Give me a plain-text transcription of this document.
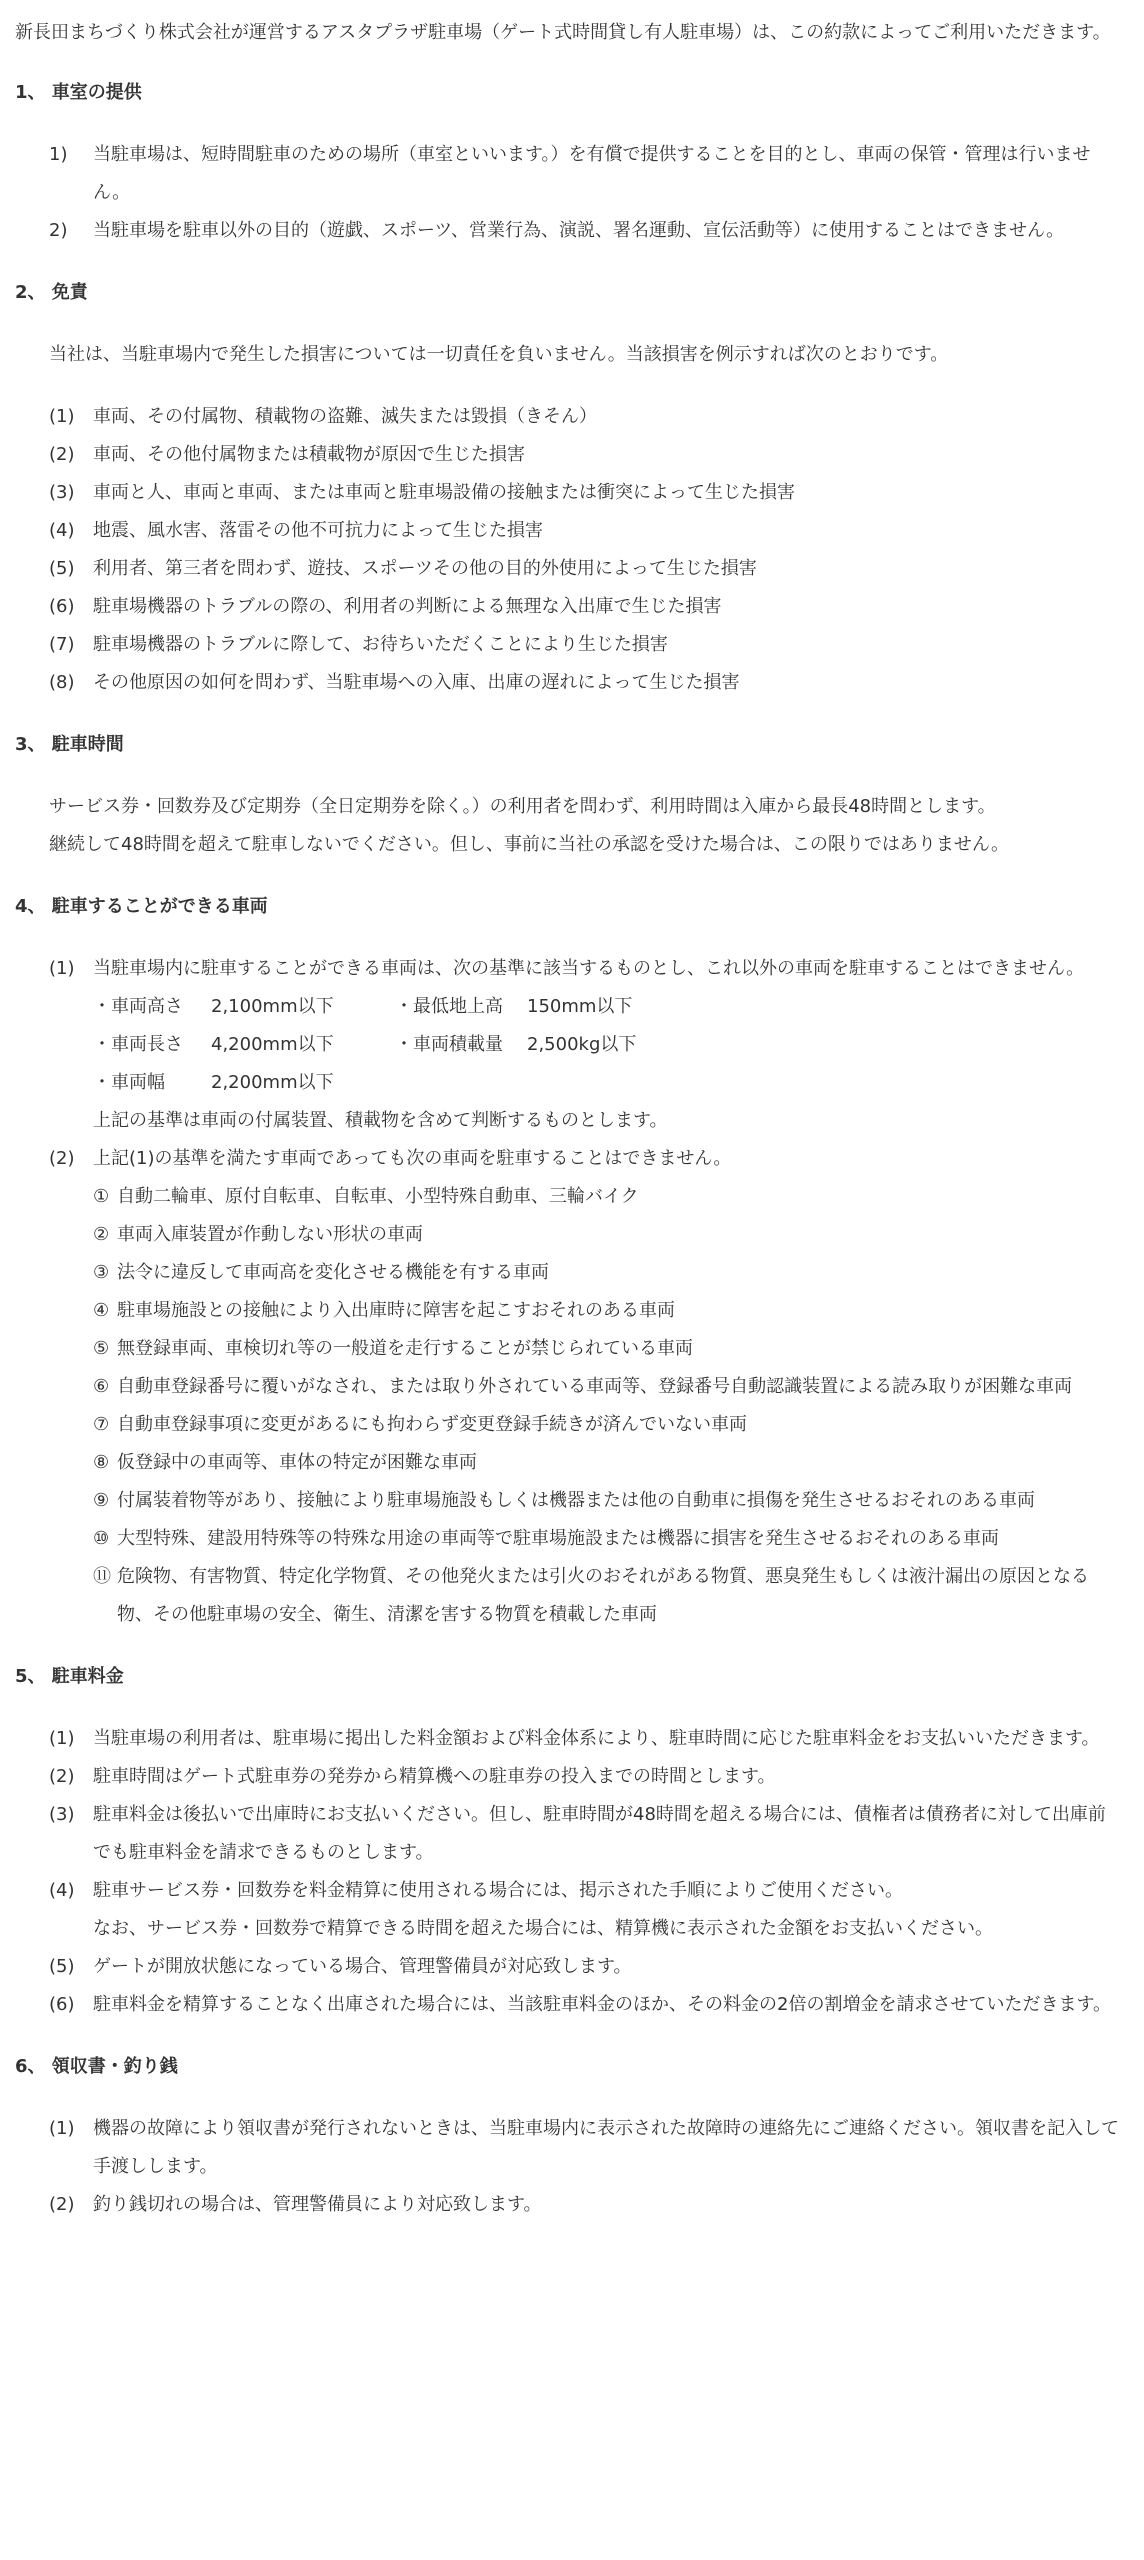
新長田まちづくり株式会社が運営するアスタプラザ駐車場（ゲート式時間貸し有人駐車場）は、この約款によってご利用いただきます。
1、 車室の提供
1)	当駐車場は、短時間駐車のための場所（車室といいます。）を有償で提供することを目的とし、車両の保管・管理は行いません。
2)	当駐車場を駐車以外の目的（遊戯、スポーツ、営業行為、演説、署名運動、宣伝活動等）に使用することはできません。
2、 免責
当社は、当駐車場内で発生した損害については一切責任を負いません。当該損害を例示すれば次のとおりです。
(1)	車両、その付属物、積載物の盗難、滅失または毀損（きそん）
(2)	車両、その他付属物または積載物が原因で生じた損害
(3)	車両と人、車両と車両、または車両と駐車場設備の接触または衝突によって生じた損害
(4)	地震、風水害、落雷その他不可抗力によって生じた損害
(5)	利用者、第三者を問わず、遊技、スポーツその他の目的外使用によって生じた損害
(6)	駐車場機器のトラブルの際の、利用者の判断による無理な入出庫で生じた損害
(7)	駐車場機器のトラブルに際して、お待ちいただくことにより生じた損害
(8)	その他原因の如何を問わず、当駐車場への入庫、出庫の遅れによって生じた損害
3、 駐車時間
サービス券・回数券及び定期券（全日定期券を除く。）の利用者を問わず、利用時間は入庫から最長48時間とします。
継続して48時間を超えて駐車しないでください。但し、事前に当社の承認を受けた場合は、この限りではありません。
4、 駐車することができる車両
(1)	当駐車場内に駐車することができる車両は、次の基準に該当するものとし、これ以外の車両を駐車することはできません。
・車両高さ	2,100mm以下	・最低地上高	150mm以下
・車両長さ	4,200mm以下	・車両積載量	2,500kg以下
・車両幅	2,200mm以下
上記の基準は車両の付属装置、積載物を含めて判断するものとします。
(2)	上記(1)の基準を満たす車両であっても次の車両を駐車することはできません。
① 自動二輪車、原付自転車、自転車、小型特殊自動車、三輪バイク
② 車両入庫装置が作動しない形状の車両
③ 法令に違反して車両高を変化させる機能を有する車両
④ 駐車場施設との接触により入出庫時に障害を起こすおそれのある車両
⑤ 無登録車両、車検切れ等の一般道を走行することが禁じられている車両
⑥ 自動車登録番号に覆いがなされ、または取り外されている車両等、登録番号自動認識装置による読み取りが困難な車両
⑦ 自動車登録事項に変更があるにも拘わらず変更登録手続きが済んでいない車両
⑧ 仮登録中の車両等、車体の特定が困難な車両
⑨ 付属装着物等があり、接触により駐車場施設もしくは機器または他の自動車に損傷を発生させるおそれのある車両
⑩ 大型特殊、建設用特殊等の特殊な用途の車両等で駐車場施設または機器に損害を発生させるおそれのある車両
⑪ 危険物、有害物質、特定化学物質、その他発火または引火のおそれがある物質、悪臭発生もしくは液汁漏出の原因となる物、その他駐車場の安全、衛生、清潔を害する物質を積載した車両
5、 駐車料金
(1)	当駐車場の利用者は、駐車場に掲出した料金額および料金体系により、駐車時間に応じた駐車料金をお支払いいただきます。
(2)	駐車時間はゲート式駐車券の発券から精算機への駐車券の投入までの時間とします。
(3)	駐車料金は後払いで出庫時にお支払いください。但し、駐車時間が48時間を超える場合には、債権者は債務者に対して出庫前でも駐車料金を請求できるものとします。
(4)	駐車サービス券・回数券を料金精算に使用される場合には、掲示された手順によりご使用ください。
なお、サービス券・回数券で精算できる時間を超えた場合には、精算機に表示された金額をお支払いください。
(5)	ゲートが開放状態になっている場合、管理警備員が対応致します。
(6)	駐車料金を精算することなく出庫された場合には、当該駐車料金のほか、その料金の2倍の割増金を請求させていただきます。
6、 領収書・釣り銭
(1)	機器の故障により領収書が発行されないときは、当駐車場内に表示された故障時の連絡先にご連絡ください。領収書を記入して手渡しします。
(2)	釣り銭切れの場合は、管理警備員により対応致します。
